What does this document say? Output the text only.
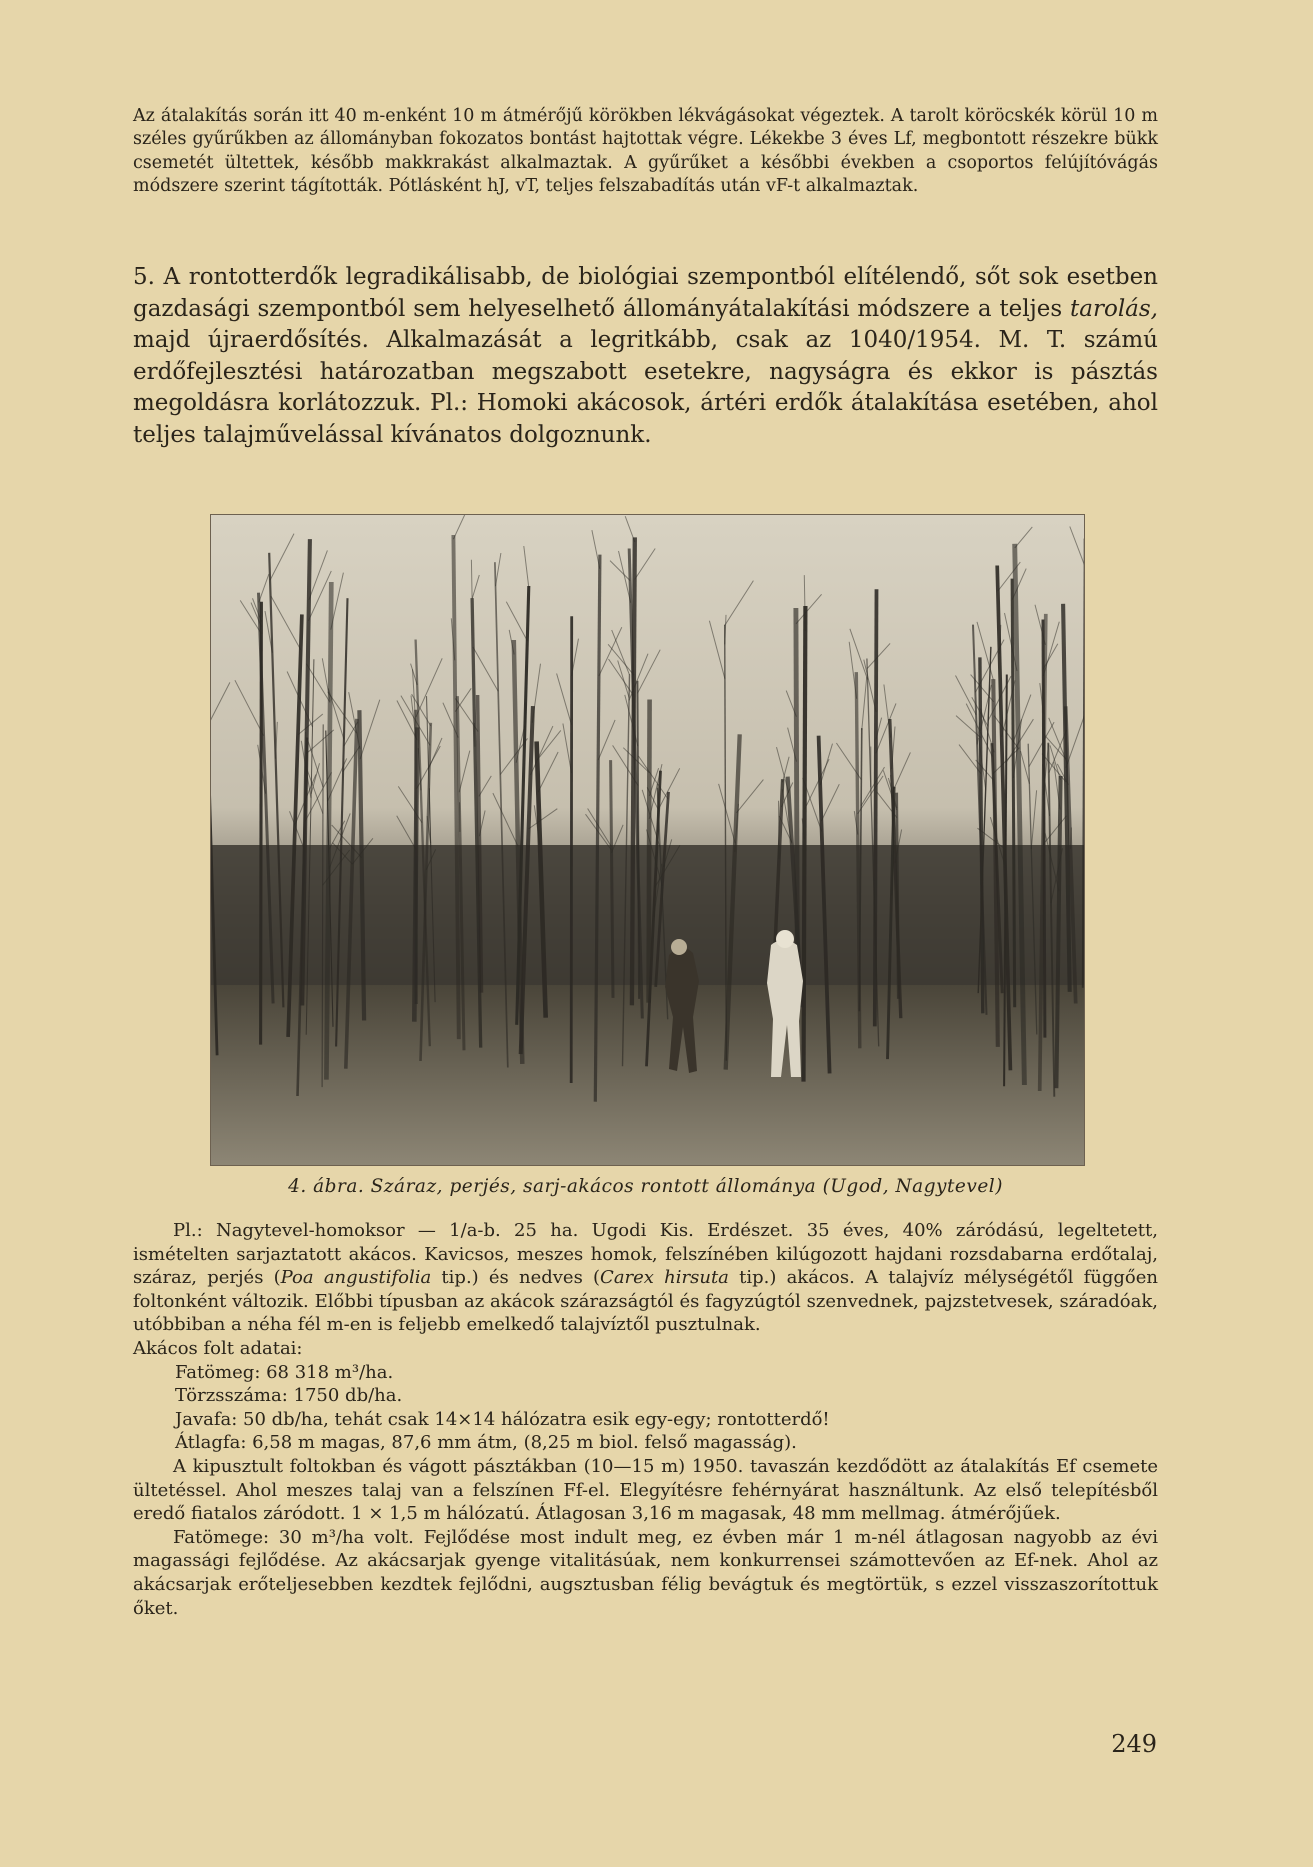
Az átalakítás során itt 40 m-enként 10 m átmérőjű körökben lékvágásokat végeztek. A tarolt köröcskék körül 10 m széles gyűrűkben az állományban fokozatos bontást hajtottak végre. Lékekbe 3 éves Lf, megbontott részekre bükk csemetét ültettek, később makkrakást alkalmaztak. A gyűrűket a későbbi években a csoportos felújítóvágás módszere szerint tágították. Pótlásként hJ, vT, teljes felszabadítás után vF-t alkalmaztak.

5. A rontotterdők legradikálisabb, de biológiai szempontból elítélendő, sőt sok esetben gazdasági szempontból sem helyeselhető állományátalakítási módszere a teljes tarolás, majd újraerdősítés. Alkalmazását a legritkább, csak az 1040/1954. M. T. számú erdőfejlesztési határozatban megszabott esetekre, nagyságra és ekkor is pásztás megoldásra korlátozzuk. Pl.: Homoki akácosok, ártéri erdők átalakítása esetében, ahol teljes talajművelással kívánatos dolgoznunk.

4. ábra. Száraz, perjés, sarj-akácos rontott állománya (Ugod, Nagytevel)

Pl.: Nagytevel-homoksor — 1/a-b. 25 ha. Ugodi Kis. Erdészet. 35 éves, 40% záródású, legeltetett, ismételten sarjaztatott akácos. Kavicsos, meszes homok, felszínében kilúgozott hajdani rozsdabarna erdőtalaj, száraz, perjés (Poa angustifolia tip.) és nedves (Carex hirsuta tip.) akácos. A talajvíz mélységétől függően foltonként változik. Előbbi típusban az akácok szárazságtól és fagyzúgtól szenvednek, pajzstetvesek, száradóak, utóbbiban a néha fél m-en is feljebb emelkedő talajvíztől pusztulnak.

Akácos folt adatai:

Fatömeg: 68 318 m³/ha.

Törzsszáma: 1750 db/ha.

Javafa: 50 db/ha, tehát csak 14×14 hálózatra esik egy-egy; rontotterdő!

Átlagfa: 6,58 m magas, 87,6 mm átm, (8,25 m biol. felső magasság).

A kipusztult foltokban és vágott pásztákban (10—15 m) 1950. tavaszán kezdődött az átalakítás Ef csemete ültetéssel. Ahol meszes talaj van a felszínen Ff-el. Elegyítésre fehérnyárat használtunk. Az első telepítésből eredő fiatalos záródott. 1 × 1,5 m hálózatú. Átlagosan 3,16 m magasak, 48 mm mellmag. átmérőjűek.

Fatömege: 30 m³/ha volt. Fejlődése most indult meg, ez évben már 1 m-nél átlagosan nagyobb az évi magassági fejlődése. Az akácsarjak gyenge vitalitásúak, nem konkurrensei számottevően az Ef-nek. Ahol az akácsarjak erőteljesebben kezdtek fejlődni, augsztusban félig bevágtuk és megtörtük, s ezzel visszaszorítottuk őket.

249
